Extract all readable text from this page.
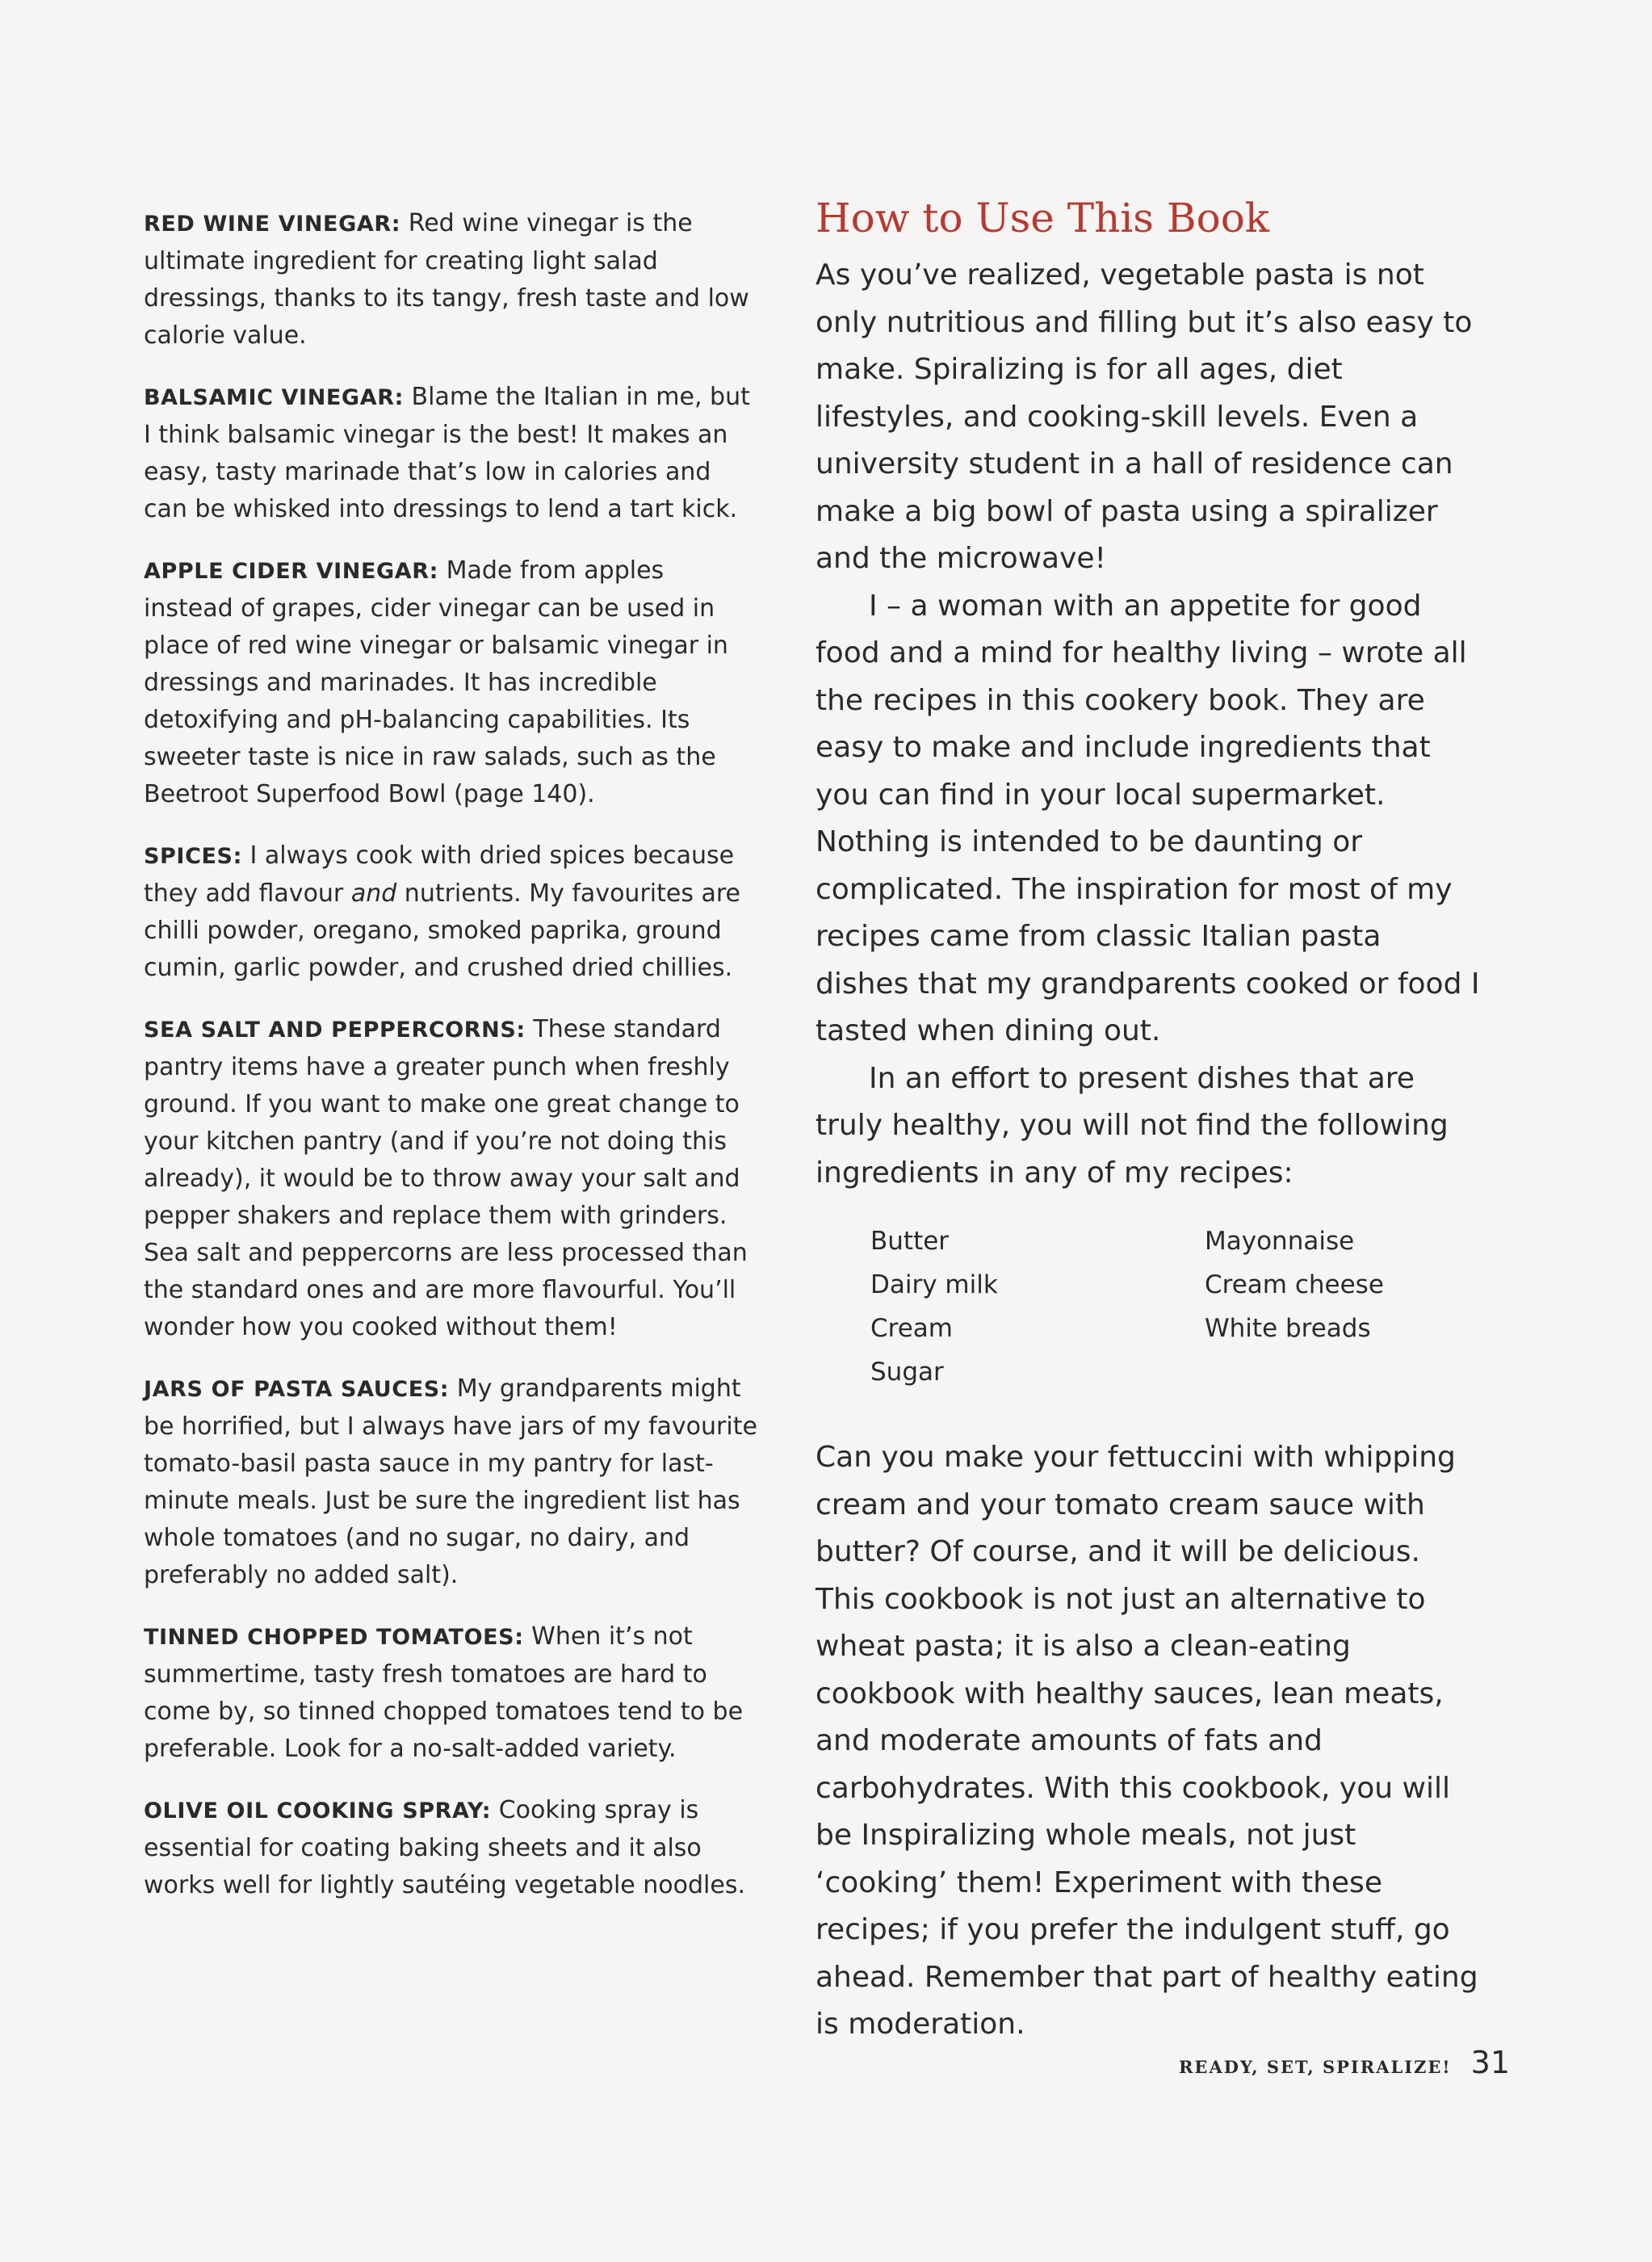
RED WINE VINEGAR: Red wine vinegar is the ultimate ingredient for creating light salad dressings, thanks to its tangy, fresh taste and low calorie value.

BALSAMIC VINEGAR: Blame the Italian in me, but I think balsamic vinegar is the best! It makes an easy, tasty marinade that’s low in calories and can be whisked into dressings to lend a tart kick.

APPLE CIDER VINEGAR: Made from apples instead of grapes, cider vinegar can be used in place of red wine vinegar or balsamic vinegar in dressings and marinades. It has incredible detoxifying and pH-balancing capabilities. Its sweeter taste is nice in raw salads, such as the Beetroot Superfood Bowl (page 140).

SPICES: I always cook with dried spices because they add flavour and nutrients. My favourites are chilli powder, oregano, smoked paprika, ground cumin, garlic powder, and crushed dried chillies.

SEA SALT AND PEPPERCORNS: These standard pantry items have a greater punch when freshly ground. If you want to make one great change to your kitchen pantry (and if you’re not doing this already), it would be to throw away your salt and pepper shakers and replace them with grinders. Sea salt and peppercorns are less processed than the standard ones and are more flavourful. You’ll wonder how you cooked without them!

JARS OF PASTA SAUCES: My grandparents might be horrified, but I always have jars of my favourite tomato-basil pasta sauce in my pantry for last-minute meals. Just be sure the ingredient list has whole tomatoes (and no sugar, no dairy, and preferably no added salt).

TINNED CHOPPED TOMATOES: When it’s not summertime, tasty fresh tomatoes are hard to come by, so tinned chopped tomatoes tend to be preferable. Look for a no-salt-added variety.

OLIVE OIL COOKING SPRAY: Cooking spray is essential for coating baking sheets and it also works well for lightly sautéing vegetable noodles.

How to Use This Book

As you’ve realized, vegetable pasta is not only nutritious and filling but it’s also easy to make. Spiralizing is for all ages, diet lifestyles, and cooking-skill levels. Even a university student in a hall of residence can make a big bowl of pasta using a spiralizer and the microwave!

I – a woman with an appetite for good food and a mind for healthy living – wrote all the recipes in this cookery book. They are easy to make and include ingredients that you can find in your local supermarket. Nothing is intended to be daunting or complicated. The inspiration for most of my recipes came from classic Italian pasta dishes that my grandparents cooked or food I tasted when dining out.

In an effort to present dishes that are truly healthy, you will not find the following ingredients in any of my recipes:

Butter
Dairy milk
Cream
Sugar
Mayonnaise
Cream cheese
White breads

Can you make your fettuccini with whipping cream and your tomato cream sauce with butter? Of course, and it will be delicious. This cookbook is not just an alternative to wheat pasta; it is also a clean-eating cookbook with healthy sauces, lean meats, and moderate amounts of fats and carbohydrates. With this cookbook, you will be Inspiralizing whole meals, not just ‘cooking’ them! Experiment with these recipes; if you prefer the indulgent stuff, go ahead. Remember that part of healthy eating is moderation.

READY, SET, SPIRALIZE! 31
